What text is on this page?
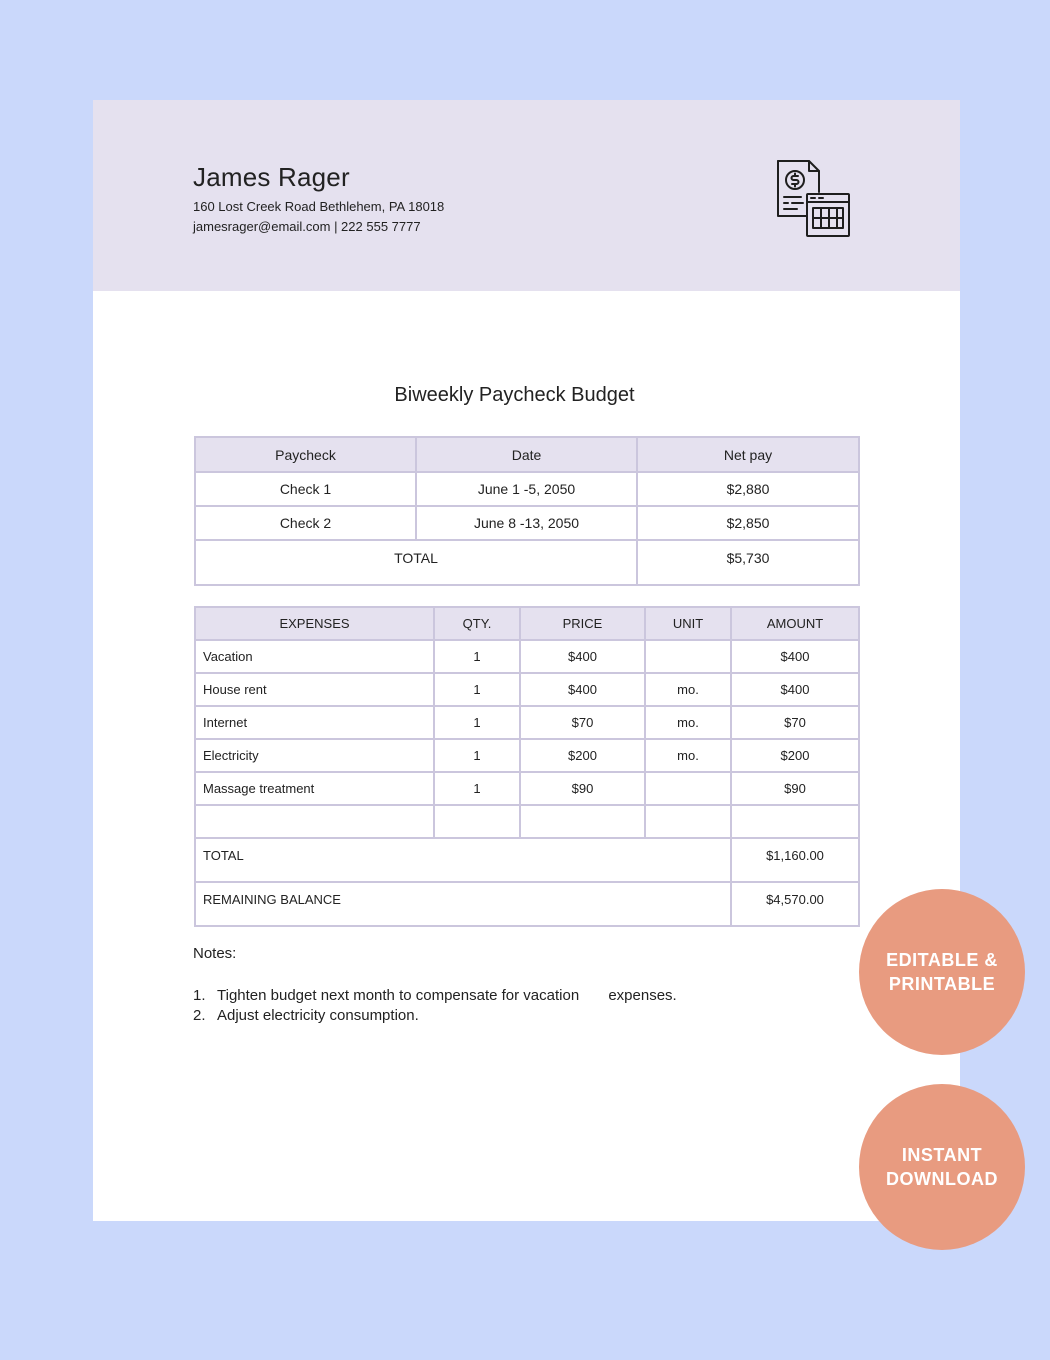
James Rager
160 Lost Creek Road Bethlehem, PA 18018
jamesrager@email.com | 222 555 7777
Biweekly Paycheck Budget
Paycheck	Date	Net pay
Check 1	June 1 -5, 2050	$2,880
Check 2	June 8 -13, 2050	$2,850
TOTAL		$5,730
EXPENSES	QTY.	PRICE	UNIT	AMOUNT
Vacation	1	$400		$400
House rent	1	$400	mo.	$400
Internet	1	$70	mo.	$70
Electricity	1	$200	mo.	$200
Massage treatment	1	$90		$90

TOTAL				$1,160.00
REMAINING BALANCE				$4,570.00
Notes:
1. Tighten budget next month to compensate for vacation       expenses.
2. Adjust electricity consumption.
EDITABLE & PRINTABLE
INSTANT DOWNLOAD
